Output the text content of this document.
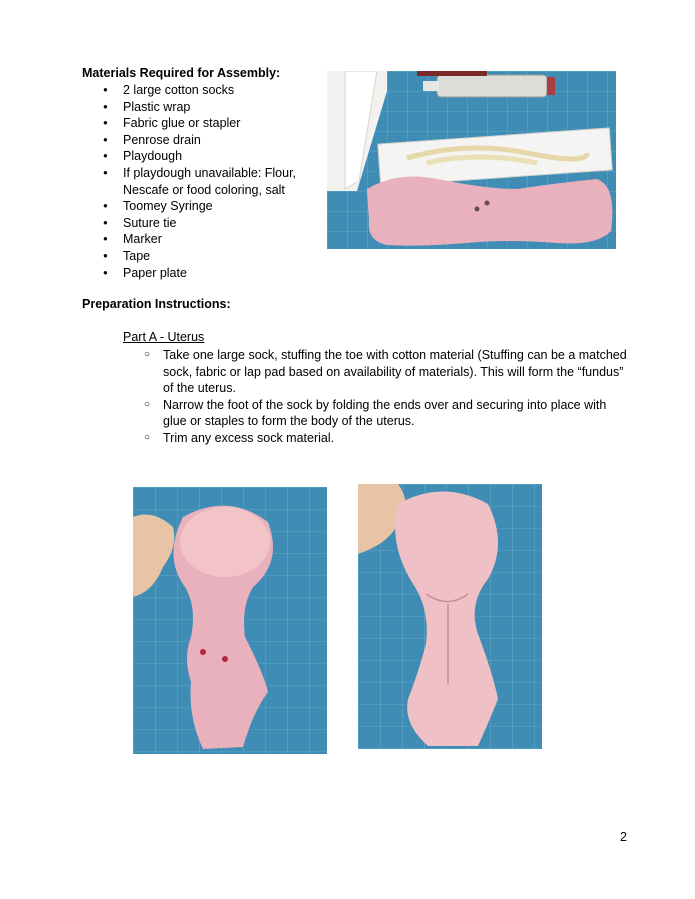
Materials Required for Assembly:
● 2 large cotton socks
● Plastic wrap
● Fabric glue or stapler
● Penrose drain
● Playdough
● If playdough unavailable: Flour, Nescafe or food coloring, salt
● Toomey Syringe
● Suture tie
● Marker
● Tape
● Paper plate
Preparation Instructions:
Part A - Uterus
○ Take one large sock, stuffing the toe with cotton material (Stuffing can be a matched sock, fabric or lap pad based on availability of materials). This will form the “fundus” of the uterus.
○ Narrow the foot of the sock by folding the ends over and securing into place with glue or staples to form the body of the uterus.
○ Trim any excess sock material.
2
